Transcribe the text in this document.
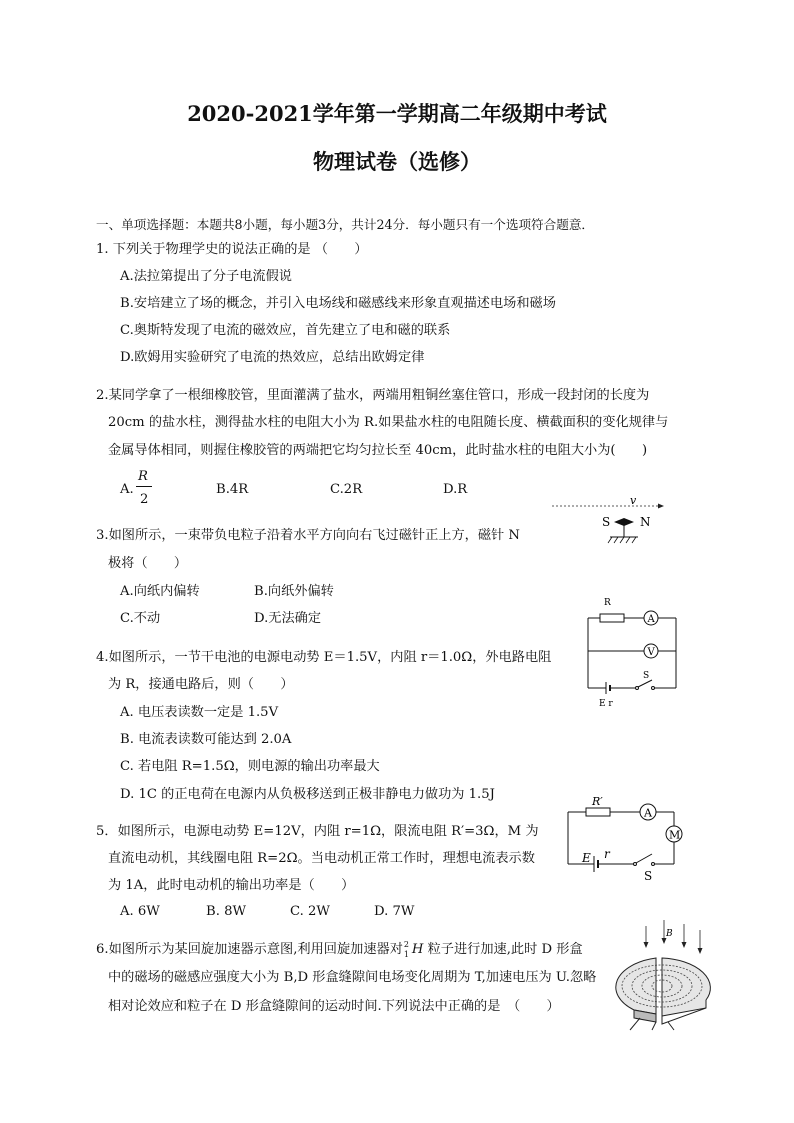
2020-2021学年第一学期高二年级期中考试
物理试卷（选修）
一、单项选择题：本题共8小题，每小题3分，共计24分．每小题只有一个选项符合题意．
1. 下列关于物理学史的说法正确的是 （　　）
A.法拉第提出了分子电流假说
B.安培建立了场的概念，并引入电场线和磁感线来形象直观描述电场和磁场
C.奥斯特发现了电流的磁效应，首先建立了电和磁的联系
D.欧姆用实验研究了电流的热效应，总结出欧姆定律
2.某同学拿了一根细橡胶管，里面灌满了盐水，两端用粗铜丝塞住管口，形成一段封闭的长度为
20cm 的盐水柱，测得盐水柱的电阻大小为 R.如果盐水柱的电阻随长度、横截面积的变化规律与
金属导体相同，则握住橡胶管的两端把它均匀拉长至 40cm，此时盐水柱的电阻大小为(　　)
A.
R
2
B.4R	C.2R	D.R
3.如图所示，一束带负电粒子沿着水平方向向右飞过磁针正上方，磁针 N
极将（　　）
A.向纸内偏转	B.向纸外偏转
C.不动	D.无法确定
v
S N
4.如图所示，一节干电池的电源电动势 E＝1.5V，内阻 r＝1.0Ω，外电路电阻
为 R，接通电路后，则（　　）
A. 电压表读数一定是 1.5V
B. 电流表读数可能达到 2.0A
C. 若电阻 R=1.5Ω，则电源的输出功率最大
D. 1C 的正电荷在电源内从负极移送到正极非静电力做功为 1.5J
R
A
V
S
E r
5．如图所示，电源电动势 E=12V，内阻 r=1Ω，限流电阻 R′=3Ω，M 为
直流电动机，其线圈电阻 R=2Ω。当电动机正常工作时，理想电流表示数
为 1A，此时电动机的输出功率是（　　）
A. 6W	B. 8W	C. 2W	D. 7W
R′
A
M
E r
S
6.如图所示为某回旋加速器示意图,利用回旋加速器对 2
1 H 粒子进行加速,此时 D 形盒
中的磁场的磁感应强度大小为 B,D 形盒缝隙间电场变化周期为 T,加速电压为 U.忽略
相对论效应和粒子在 D 形盒缝隙间的运动时间.下列说法中正确的是　（　　）
B
